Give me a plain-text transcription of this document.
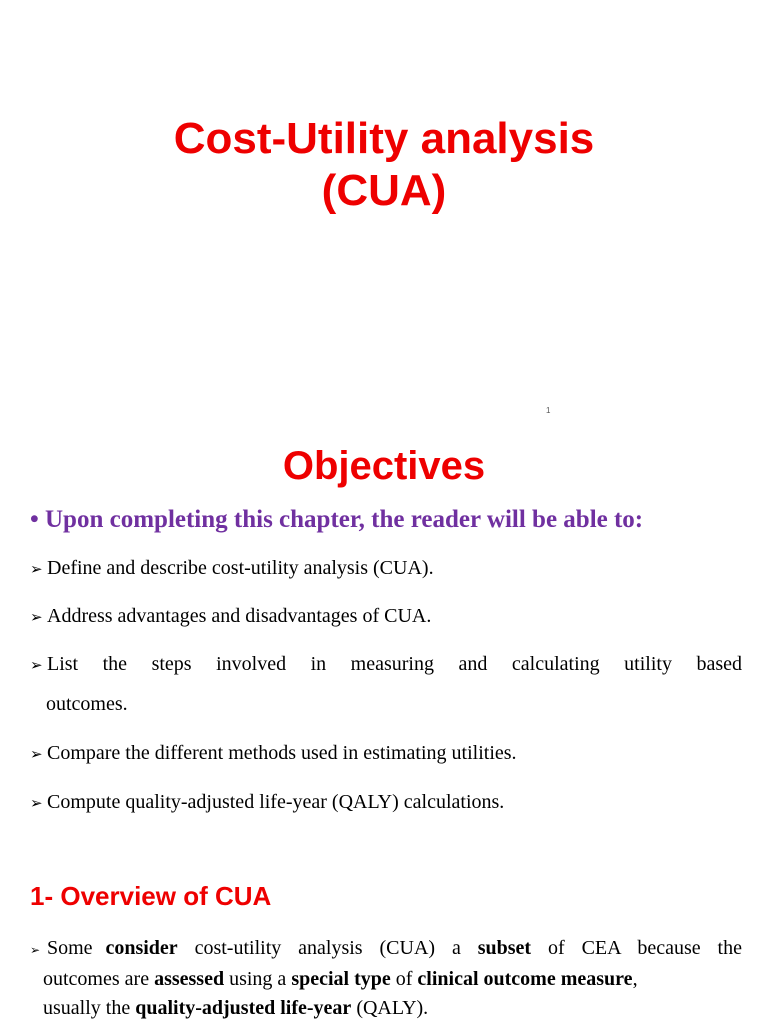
Cost-Utility analysis
(CUA)
1
Objectives
• Upon completing this chapter, the reader will be able to:
➢ Define and describe cost-utility analysis (CUA).
➢ Address advantages and disadvantages of CUA.
➢ List the steps involved in measuring and calculating utility based
outcomes.
➢ Compare the different methods used in estimating utilities.
➢ Compute quality-adjusted life-year (QALY) calculations.
1- Overview of CUA
➢ Some consider cost-utility analysis (CUA) a subset of CEA because the
outcomes are assessed using a special type of clinical outcome measure,
usually the quality-adjusted life-year (QALY).
